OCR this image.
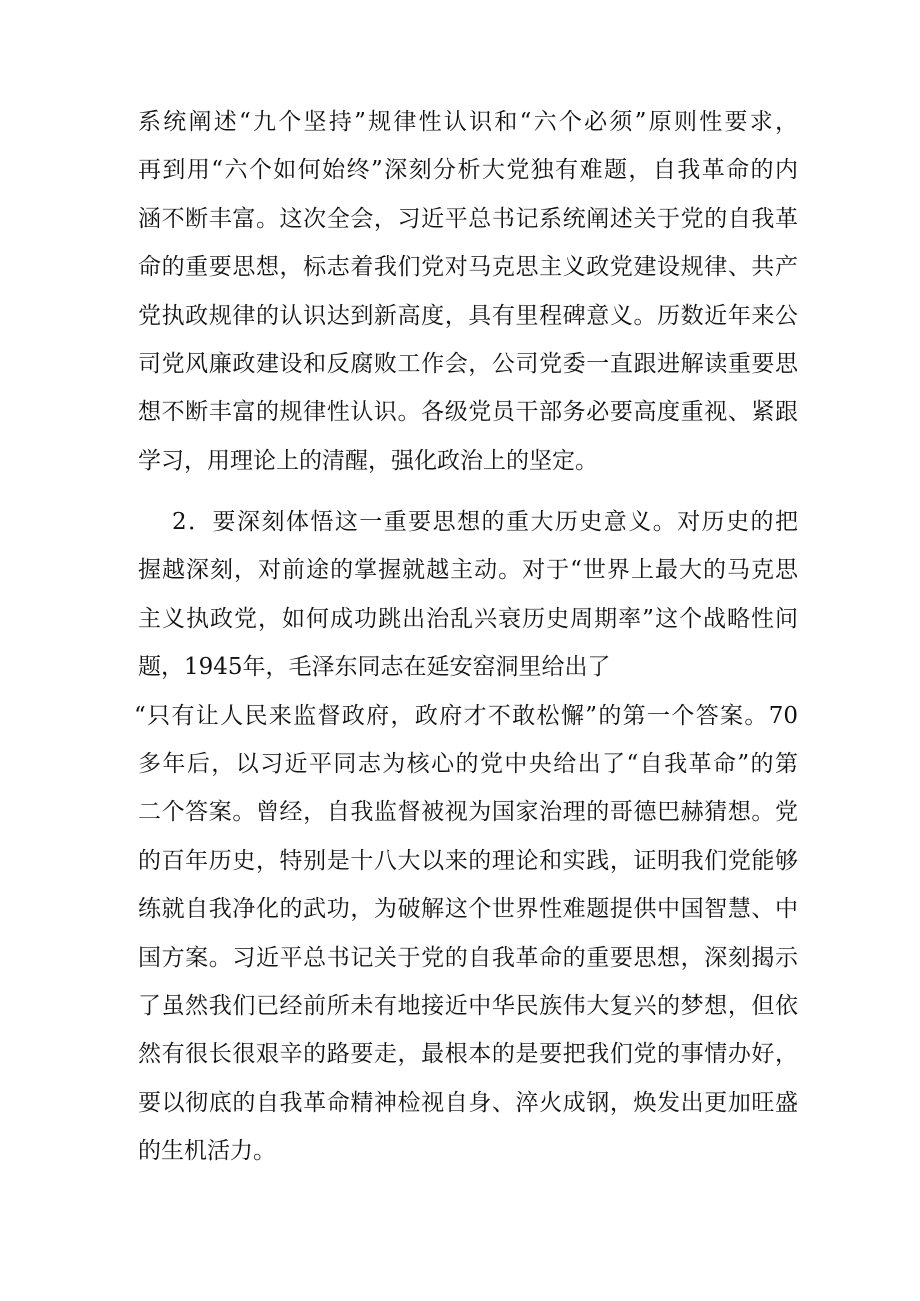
系统阐述“九个坚持”规律性认识和“六个必须”原则性要求，
再到用“六个如何始终”深刻分析大党独有难题，自我革命的内
涵不断丰富。这次全会，习近平总书记系统阐述关于党的自我革
命的重要思想，标志着我们党对马克思主义政党建设规律、共产
党执政规律的认识达到新高度，具有里程碑意义。历数近年来公
司党风廉政建设和反腐败工作会，公司党委一直跟进解读重要思
想不断丰富的规律性认识。各级党员干部务必要高度重视、紧跟
学习，用理论上的清醒，强化政治上的坚定。
2．要深刻体悟这一重要思想的重大历史意义。对历史的把
握越深刻，对前途的掌握就越主动。对于“世界上最大的马克思
主义执政党，如何成功跳出治乱兴衰历史周期率”这个战略性问
题，1945年，毛泽东同志在延安窑洞里给出了
“只有让人民来监督政府，政府才不敢松懈”的第一个答案。70
多年后，以习近平同志为核心的党中央给出了“自我革命”的第
二个答案。曾经，自我监督被视为国家治理的哥德巴赫猜想。党
的百年历史，特别是十八大以来的理论和实践，证明我们党能够
练就自我净化的武功，为破解这个世界性难题提供中国智慧、中
国方案。习近平总书记关于党的自我革命的重要思想，深刻揭示
了虽然我们已经前所未有地接近中华民族伟大复兴的梦想，但依
然有很长很艰辛的路要走，最根本的是要把我们党的事情办好，
要以彻底的自我革命精神检视自身、淬火成钢，焕发出更加旺盛
的生机活力。
